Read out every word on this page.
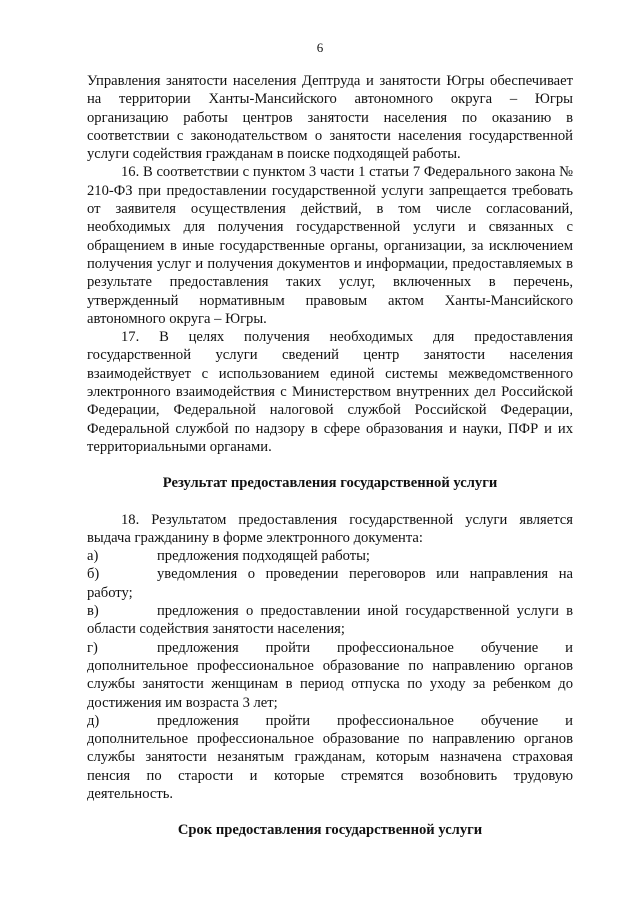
6

Управления занятости населения Дептруда и занятости Югры обеспечивает на территории Ханты-Мансийского автономного округа – Югры организацию работы центров занятости населения по оказанию в соответствии с законодательством о занятости населения государственной услуги содействия гражданам в поиске подходящей работы.

16. В соответствии с пунктом 3 части 1 статьи 7 Федерального закона № 210-ФЗ при предоставлении государственной услуги запрещается требовать от заявителя осуществления действий, в том числе согласований, необходимых для получения государственной услуги и связанных с обращением в иные государственные органы, организации, за исключением получения услуг и получения документов и информации, предоставляемых в результате предоставления таких услуг, включенных в перечень, утвержденный нормативным правовым актом Ханты-Мансийского автономного округа – Югры.

17. В целях получения необходимых для предоставления государственной услуги сведений центр занятости населения взаимодействует с использованием единой системы межведомственного электронного взаимодействия с Министерством внутренних дел Российской Федерации, Федеральной налоговой службой Российской Федерации, Федеральной службой по надзору в сфере образования и науки, ПФР и их территориальными органами.

Результат предоставления государственной услуги

18. Результатом предоставления государственной услуги является выдача гражданину в форме электронного документа:

а)	предложения подходящей работы;

б)	уведомления о проведении переговоров или направления на работу;

в)	предложения о предоставлении иной государственной услуги в области содействия занятости населения;

г)	предложения пройти профессиональное обучение и дополнительное профессиональное образование по направлению органов службы занятости женщинам в период отпуска по уходу за ребенком до достижения им возраста 3 лет;

д)	предложения пройти профессиональное обучение и дополнительное профессиональное образование по направлению органов службы занятости незанятым гражданам, которым назначена страховая пенсия по старости и которые стремятся возобновить трудовую деятельность.

Срок предоставления государственной услуги
